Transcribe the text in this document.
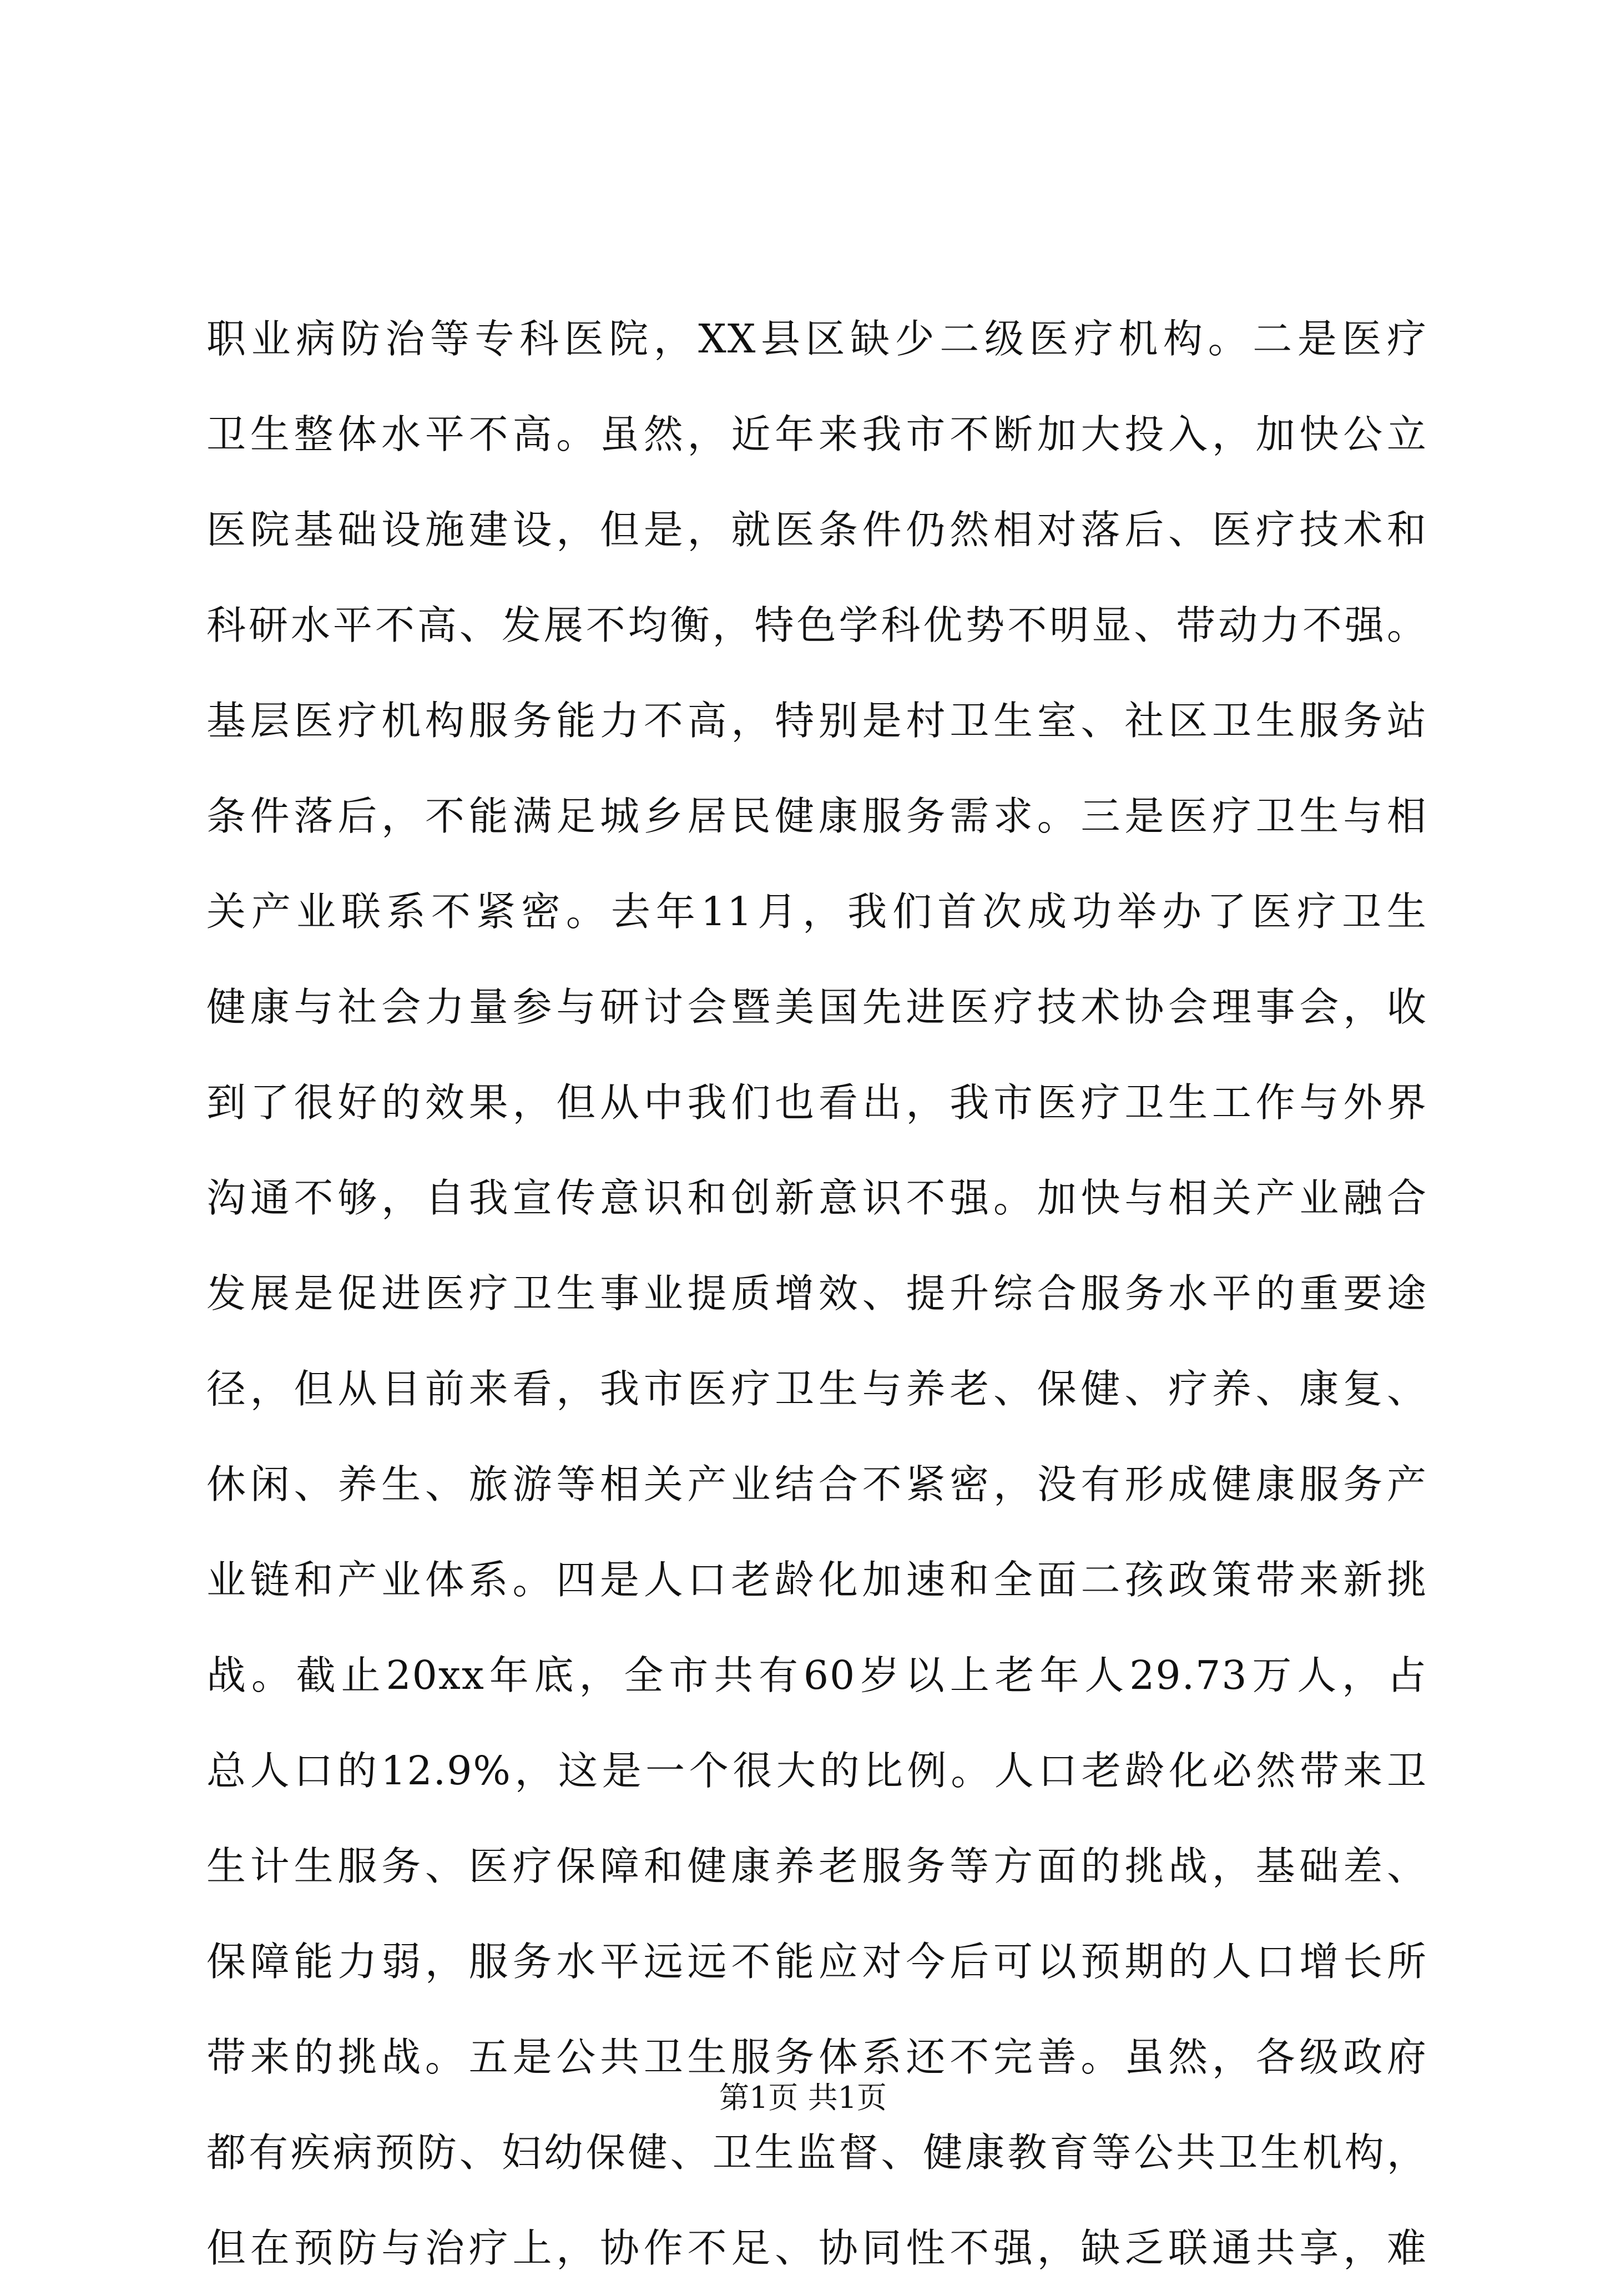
职业病防治等专科医院，XX县区缺少二级医疗机构。二是医疗
卫生整体水平不高。虽然，近年来我市不断加大投入，加快公立
医院基础设施建设，但是，就医条件仍然相对落后、医疗技术和
科研水平不高、发展不均衡，特色学科优势不明显、带动力不强。
基层医疗机构服务能力不高，特别是村卫生室、社区卫生服务站
条件落后，不能满足城乡居民健康服务需求。三是医疗卫生与相
关产业联系不紧密。去年11月，我们首次成功举办了医疗卫生
健康与社会力量参与研讨会暨美国先进医疗技术协会理事会，收
到了很好的效果，但从中我们也看出，我市医疗卫生工作与外界
沟通不够，自我宣传意识和创新意识不强。加快与相关产业融合
发展是促进医疗卫生事业提质增效、提升综合服务水平的重要途
径，但从目前来看，我市医疗卫生与养老、保健、疗养、康复、
休闲、养生、旅游等相关产业结合不紧密，没有形成健康服务产
业链和产业体系。四是人口老龄化加速和全面二孩政策带来新挑
战。截止20xx年底，全市共有60岁以上老年人29.73万人，占
总人口的12.9%，这是一个很大的比例。人口老龄化必然带来卫
生计生服务、医疗保障和健康养老服务等方面的挑战，基础差、
保障能力弱，服务水平远远不能应对今后可以预期的人口增长所
带来的挑战。五是公共卫生服务体系还不完善。虽然，各级政府
都有疾病预防、妇幼保健、卫生监督、健康教育等公共卫生机构，
但在预防与治疗上，协作不足、协同性不强，缺乏联通共享，难
第1页 共1页
